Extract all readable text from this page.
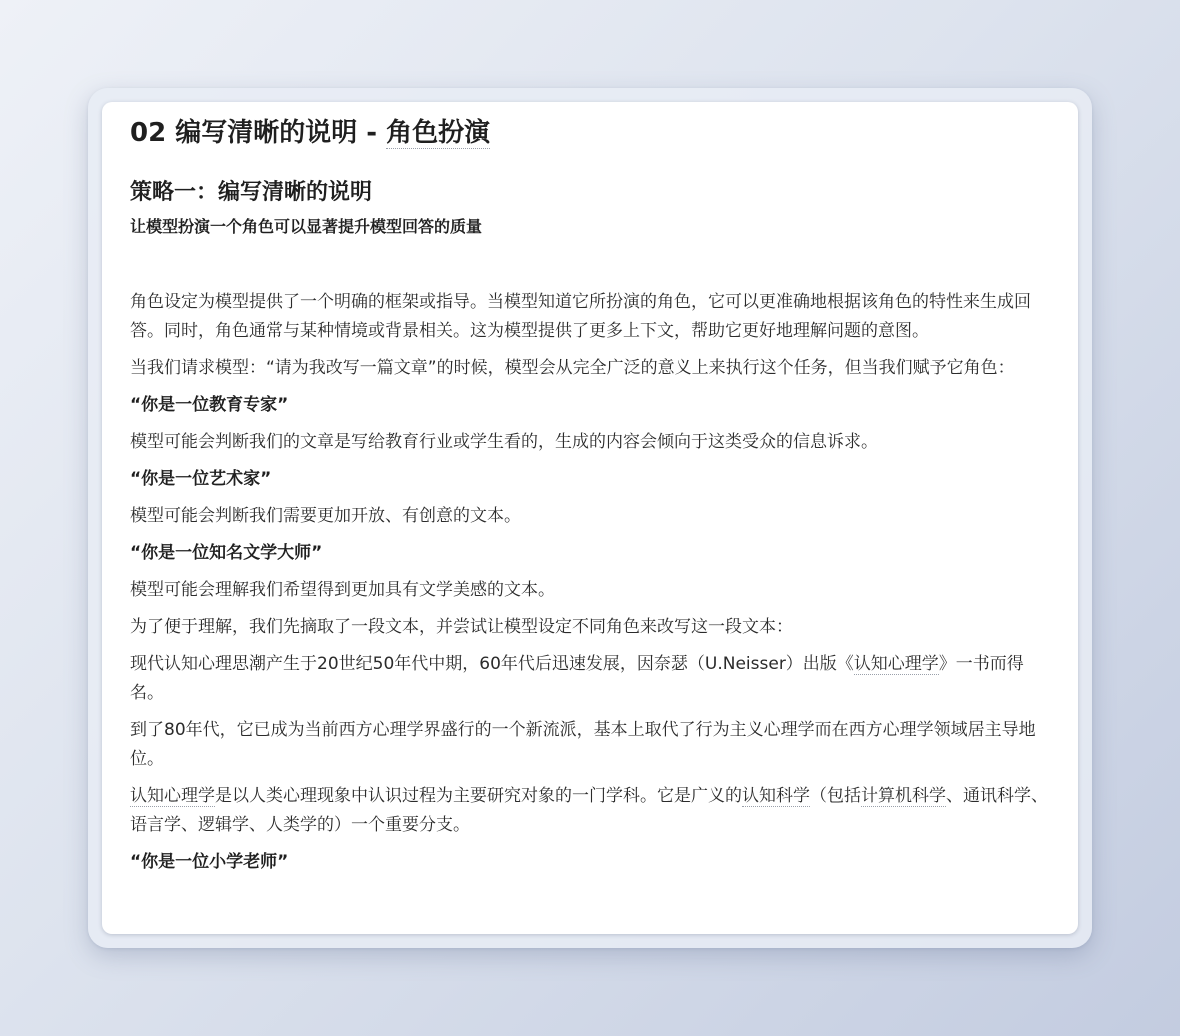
02 编写清晰的说明 - 角色扮演
策略一：编写清晰的说明
让模型扮演一个角色可以显著提升模型回答的质量

角色设定为模型提供了一个明确的框架或指导。当模型知道它所扮演的角色，它可以更准确地根据该角色的特性来生成回答。同时，角色通常与某种情境或背景相关。这为模型提供了更多上下文，帮助它更好地理解问题的意图。

当我们请求模型：“请为我改写一篇文章”的时候，模型会从完全广泛的意义上来执行这个任务，但当我们赋予它角色：

“你是一位教育专家”

模型可能会判断我们的文章是写给教育行业或学生看的，生成的内容会倾向于这类受众的信息诉求。

“你是一位艺术家”

模型可能会判断我们需要更加开放、有创意的文本。

“你是一位知名文学大师”

模型可能会理解我们希望得到更加具有文学美感的文本。

为了便于理解，我们先摘取了一段文本，并尝试让模型设定不同角色来改写这一段文本：

现代认知心理思潮产生于20世纪50年代中期，60年代后迅速发展，因奈瑟（U.Neisser）出版《认知心理学》一书而得名。

到了80年代，它已成为当前西方心理学界盛行的一个新流派，基本上取代了行为主义心理学而在西方心理学领域居主导地位。

认知心理学是以人类心理现象中认识过程为主要研究对象的一门学科。它是广义的认知科学（包括计算机科学、通讯科学、语言学、逻辑学、人类学的）一个重要分支。

“你是一位小学老师”
